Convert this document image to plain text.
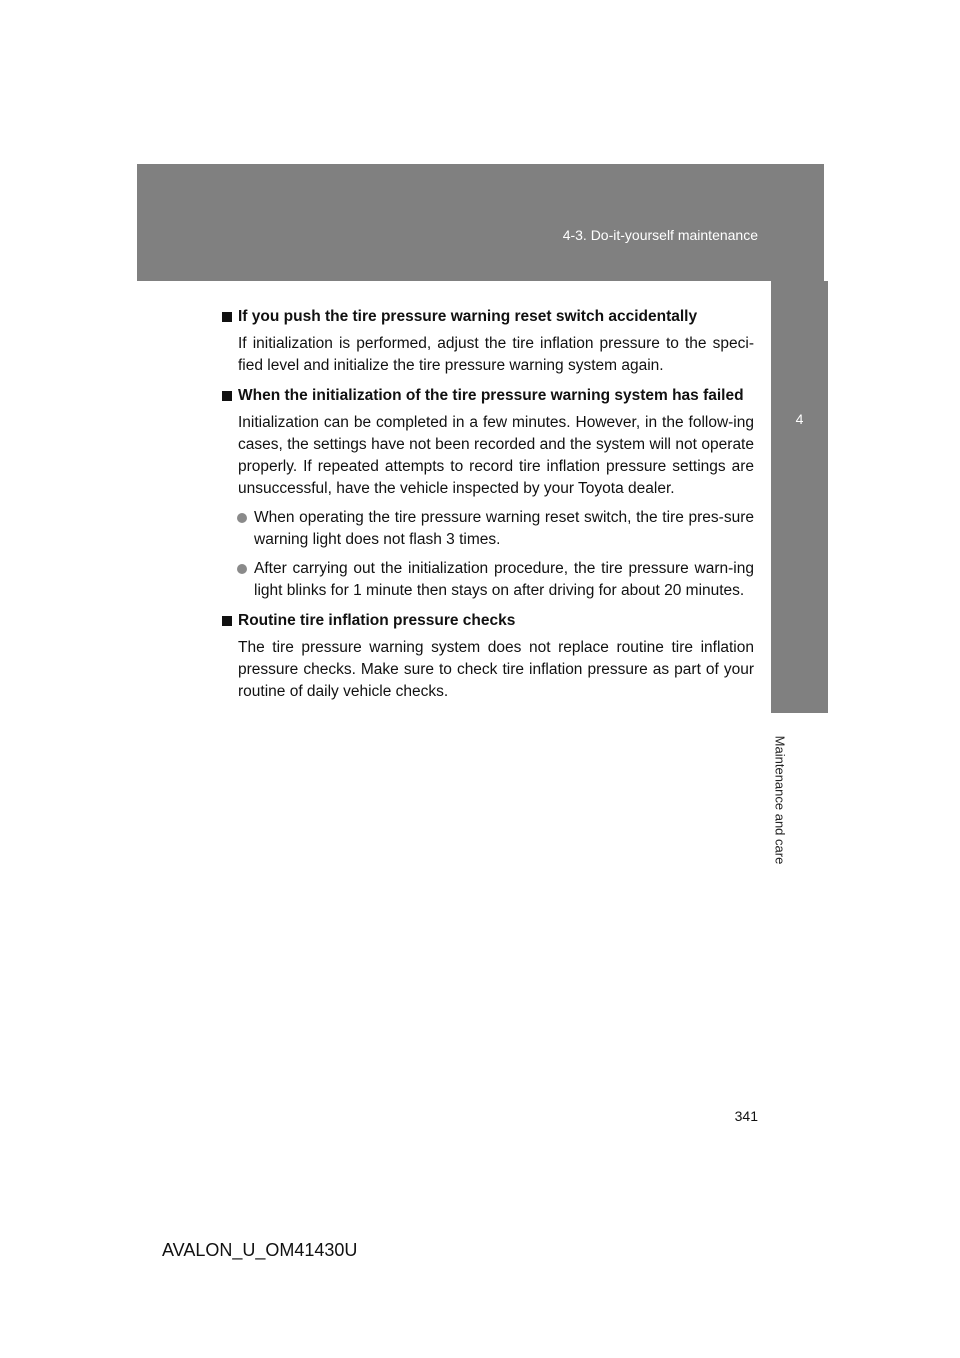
4-3. Do-it-yourself maintenance
4
Maintenance and care
If you push the tire pressure warning reset switch accidentally
If initialization is performed, adjust the tire inflation pressure to the speci-fied level and initialize the tire pressure warning system again.
When the initialization of the tire pressure warning system has failed
Initialization can be completed in a few minutes. However, in the follow-ing cases, the settings have not been recorded and the system will not operate properly. If repeated attempts to record tire inflation pressure settings are unsuccessful, have the vehicle inspected by your Toyota dealer.
When operating the tire pressure warning reset switch, the tire pres-sure warning light does not flash 3 times.
After carrying out the initialization procedure, the tire pressure warn-ing light blinks for 1 minute then stays on after driving for about 20 minutes.
Routine tire inflation pressure checks
The tire pressure warning system does not replace routine tire inflation pressure checks. Make sure to check tire inflation pressure as part of your routine of daily vehicle checks.
341
AVALON_U_OM41430U
